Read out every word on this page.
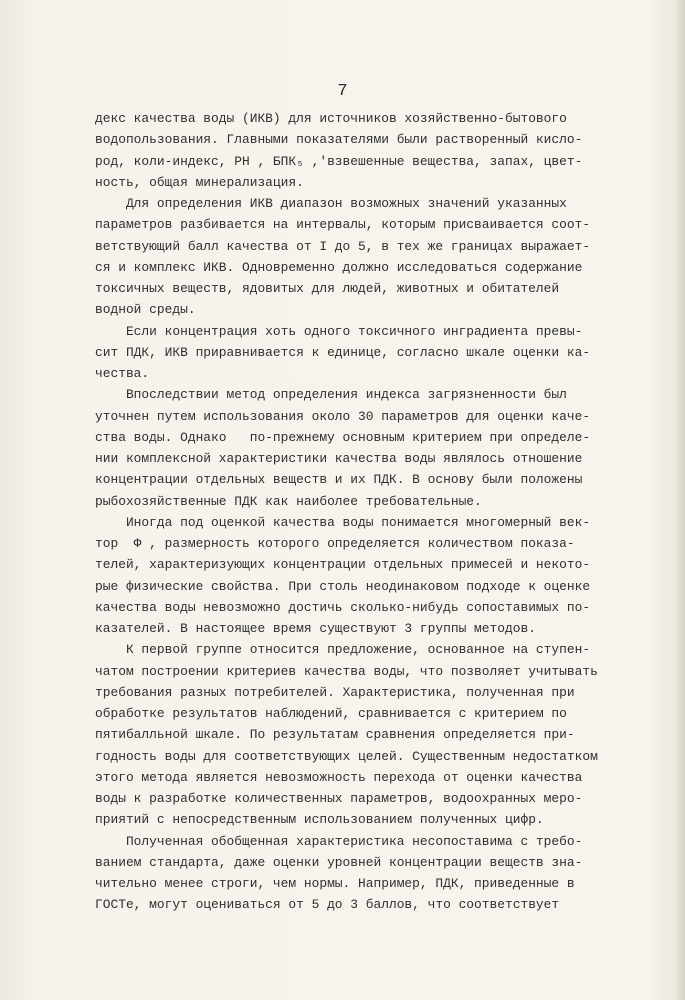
7
декс качества воды (ИКВ) для источников хозяйственно-бытового
водопользования. Главными показателями были растворенный кисло-
род, коли-индекс, РН , БПК₅ ,'взвешенные вещества, запах, цвет-
ность, общая минерализация.
Для определения ИКВ диапазон возможных значений указанных
параметров разбивается на интервалы, которым присваивается соот-
ветствующий балл качества от I до 5, в тех же границах выражает-
ся и комплекс ИКВ. Одновременно должно исследоваться содержание
токсичных веществ, ядовитых для людей, животных и обитателей
водной среды.
Если концентрация хоть одного токсичного инградиента превы-
сит ПДК, ИКВ приравнивается к единице, согласно шкале оценки ка-
чества.
Впоследствии метод определения индекса загрязненности был
уточнен путем использования около 30 параметров для оценки каче-
ства воды. Однако   по-прежнему основным критерием при определе-
нии комплексной характеристики качества воды являлось отношение
концентрации отдельных веществ и их ПДК. В основу были положены
рыбохозяйственные ПДК как наиболее требовательные.
Иногда под оценкой качества воды понимается многомерный век-
тор  Ф , размерность которого определяется количеством показа-
телей, характеризующих концентрации отдельных примесей и некото-
рые физические свойства. При столь неодинаковом подходе к оценке
качества воды невозможно достичь сколько-нибудь сопоставимых по-
казателей. В настоящее время существуют 3 группы методов.
К первой группе относится предложение, основанное на ступен-
чатом построении критериев качества воды, что позволяет учитывать
требования разных потребителей. Характеристика, полученная при
обработке результатов наблюдений, сравнивается с критерием по
пятибалльной шкале. По результатам сравнения определяется при-
годность воды для соответствующих целей. Существенным недостатком
этого метода является невозможность перехода от оценки качества
воды к разработке количественных параметров, водоохранных меро-
приятий с непосредственным использованием полученных цифр.
Полученная обобщенная характеристика несопоставима с требо-
ванием стандарта, даже оценки уровней концентрации веществ зна-
чительно менее строги, чем нормы. Например, ПДК, приведенные в
ГОСТе, могут оцениваться от 5 до 3 баллов, что соответствует
